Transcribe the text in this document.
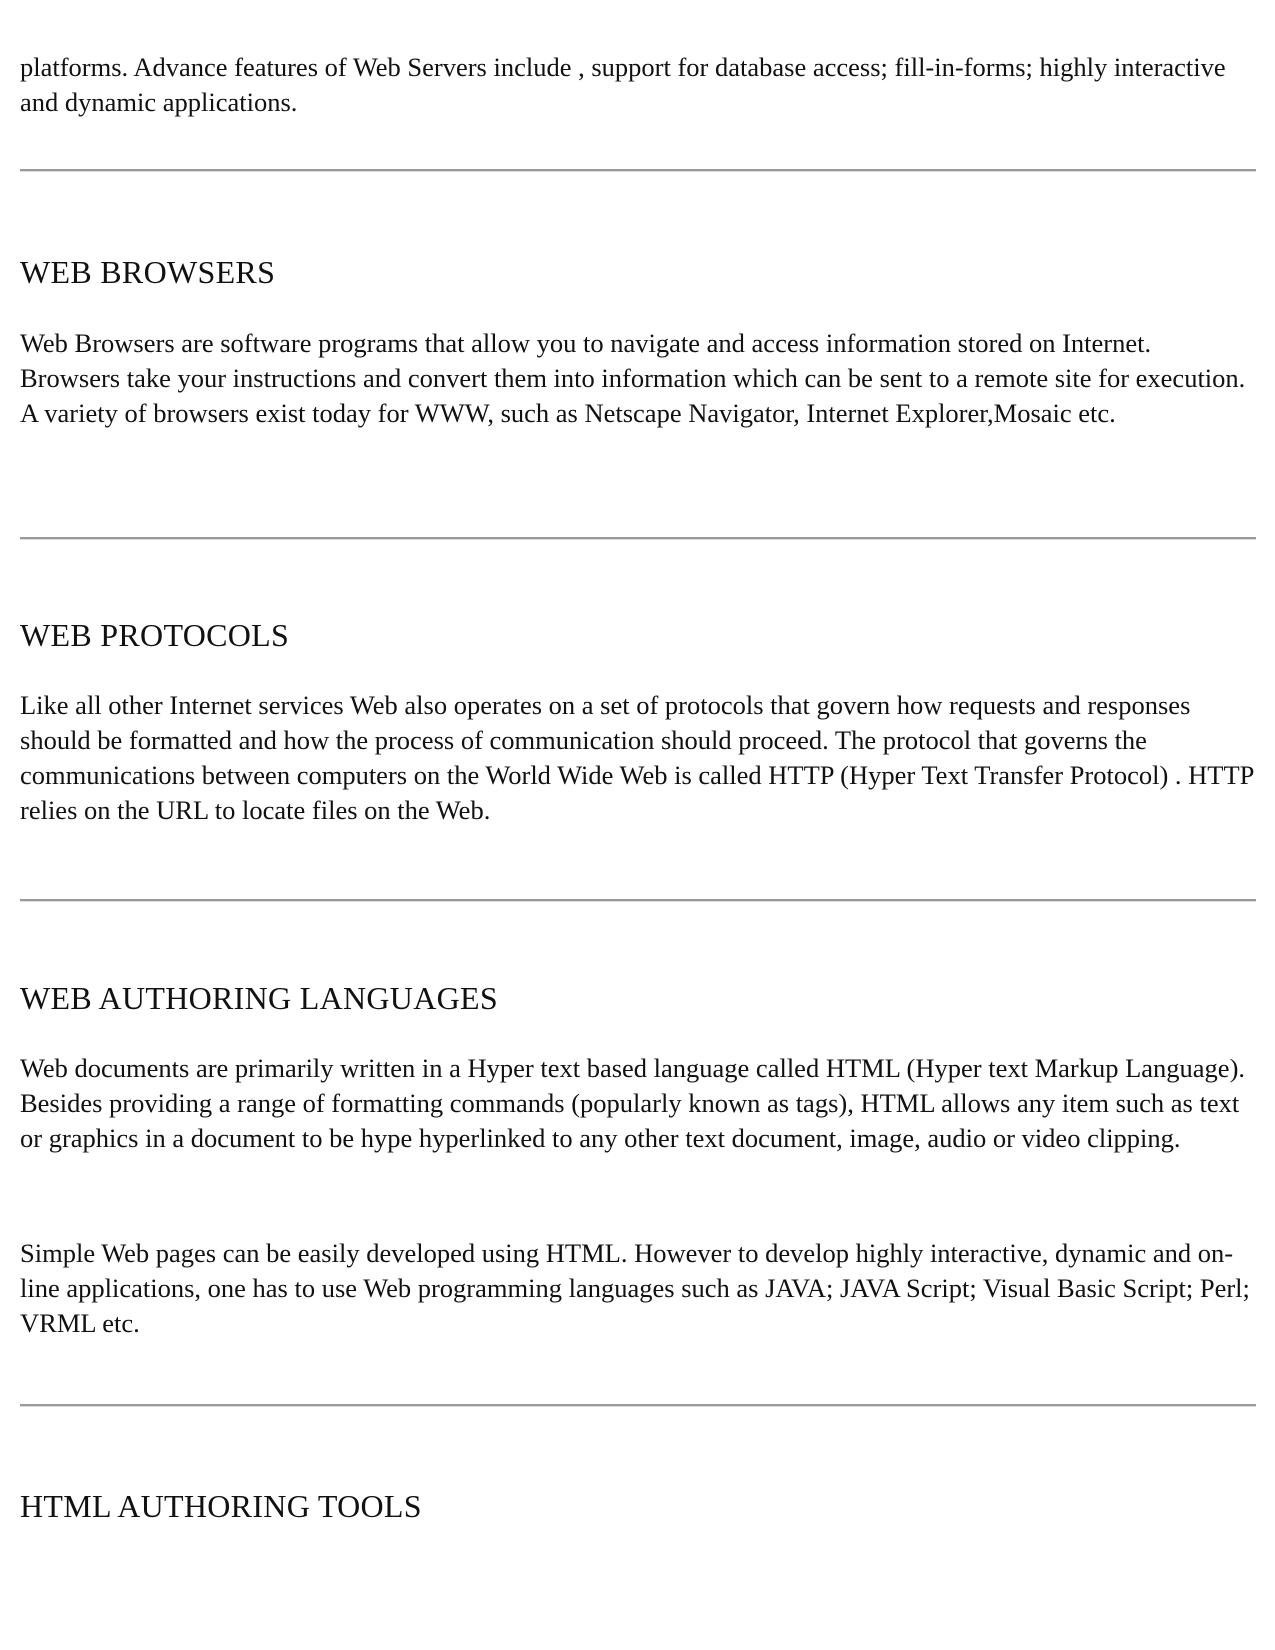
platforms. Advance features of Web Servers include , support for database access; fill-in-forms; highly interactive and dynamic applications.

WEB BROWSERS

Web Browsers are software programs that allow you to navigate and access information stored on Internet. Browsers take your instructions and convert them into information which can be sent to a remote site for execution. A variety of browsers exist today for WWW, such as Netscape Navigator, Internet Explorer,Mosaic etc.

WEB PROTOCOLS

Like all other Internet services Web also operates on a set of protocols that govern how requests and responses should be formatted and how the process of communication should proceed. The protocol that governs the communications between computers on the World Wide Web is called HTTP (Hyper Text Transfer Protocol) . HTTP relies on the URL to locate files on the Web.

WEB AUTHORING LANGUAGES

Web documents are primarily written in a Hyper text based language called HTML (Hyper text Markup Language). Besides providing a range of formatting commands (popularly known as tags), HTML allows any item such as text or graphics in a document to be hype hyperlinked to any other text document, image, audio or video clipping.

Simple Web pages can be easily developed using HTML. However to develop highly interactive, dynamic and on-line applications, one has to use Web programming languages such as JAVA; JAVA Script; Visual Basic Script; Perl; VRML etc.

HTML AUTHORING TOOLS
